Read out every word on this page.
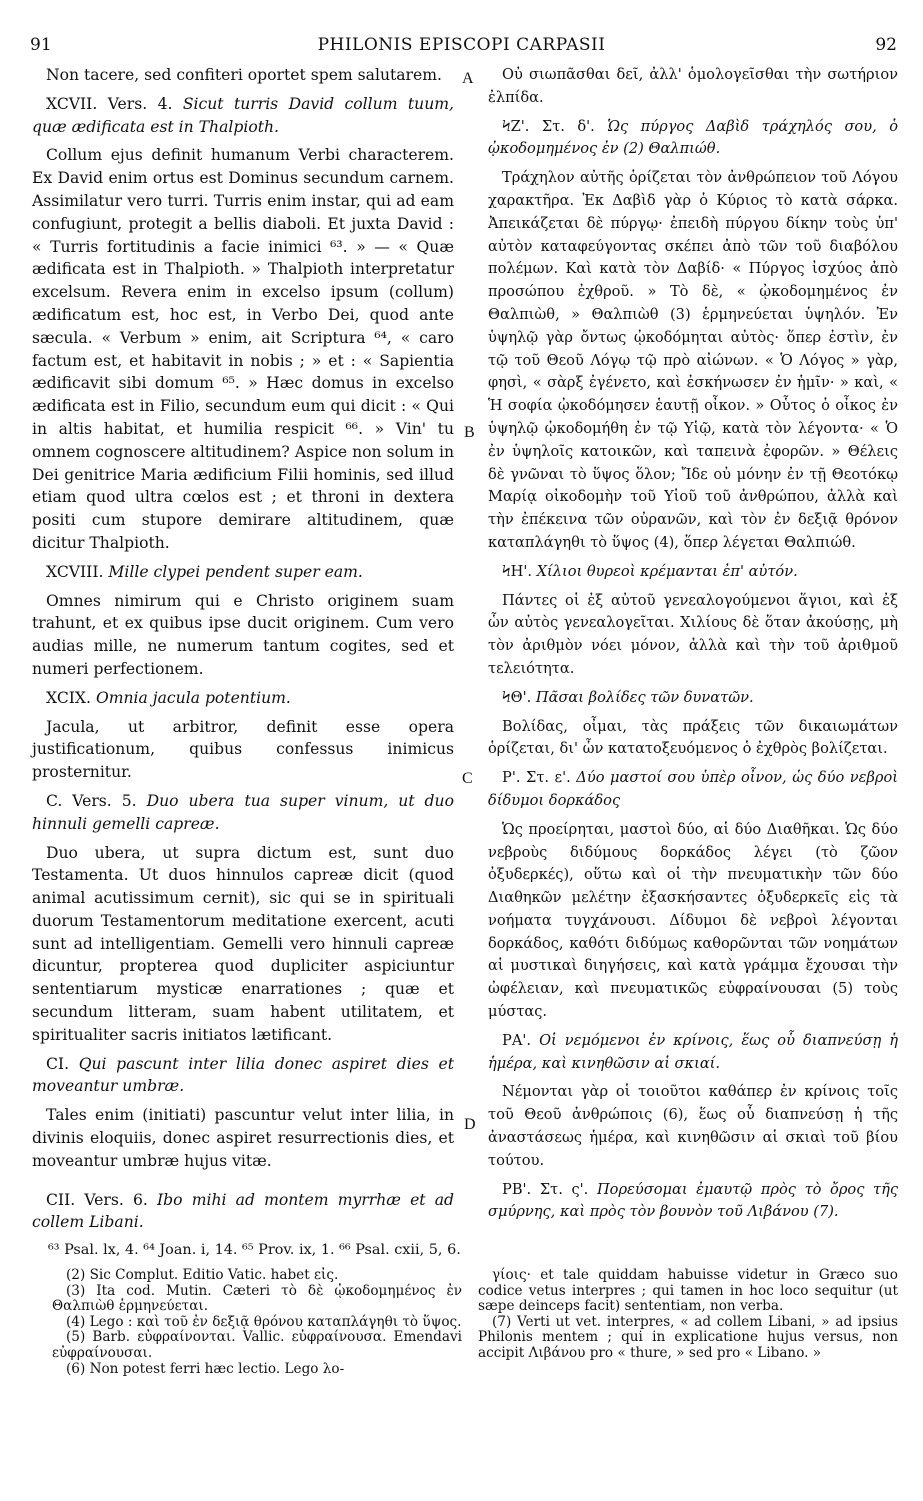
91	PHILONIS EPISCOPI CARPASII	92
A
B
C
D

Non tacere, sed confiteri oportet spem salutarem.

XCVII. Vers. 4. Sicut turris David collum tuum, quæ ædificata est in Thalpioth.

Collum ejus definit humanum Verbi characterem. Ex David enim ortus est Dominus secundum carnem. Assimilatur vero turri. Turris enim instar, qui ad eam confugiunt, protegit a bellis diaboli. Et juxta David : « Turris fortitudinis a facie inimici ⁶³. » — « Quæ ædificata est in Thalpioth. » Thalpioth interpretatur excelsum. Revera enim in excelso ipsum (collum) ædificatum est, hoc est, in Verbo Dei, quod ante sæcula. « Verbum » enim, ait Scriptura ⁶⁴, « caro factum est, et habitavit in nobis ; » et : « Sapientia ædificavit sibi domum ⁶⁵. » Hæc domus in excelso ædificata est in Filio, secundum eum qui dicit : « Qui in altis habitat, et humilia respicit ⁶⁶. » Vin' tu omnem cognoscere altitudinem? Aspice non solum in Dei genitrice Maria ædificium Filii hominis, sed illud etiam quod ultra cœlos est ; et throni in dextera positi cum stupore demirare altitudinem, quæ dicitur Thalpioth.

XCVIII. Mille clypei pendent super eam.

Omnes nimirum qui e Christo originem suam trahunt, et ex quibus ipse ducit originem. Cum vero audias mille, ne numerum tantum cogites, sed et numeri perfectionem.

XCIX. Omnia jacula potentium.

Jacula, ut arbitror, definit esse opera justificationum, quibus confessus inimicus prosternitur.

C. Vers. 5. Duo ubera tua super vinum, ut duo hinnuli gemelli capreæ.

Duo ubera, ut supra dictum est, sunt duo Testamenta. Ut duos hinnulos capreæ dicit (quod animal acutissimum cernit), sic qui se in spirituali duorum Testamentorum meditatione exercent, acuti sunt ad intelligentiam. Gemelli vero hinnuli capreæ dicuntur, propterea quod dupliciter aspiciuntur sententiarum mysticæ enarrationes ; quæ et secundum litteram, suam habent utilitatem, et spiritualiter sacris initiatos lætificant.

CI. Qui pascunt inter lilia donec aspiret dies et moveantur umbræ.

Tales enim (initiati) pascuntur velut inter lilia, in divinis eloquiis, donec aspiret resurrectionis dies, et moveantur umbræ hujus vitæ.

CII. Vers. 6. Ibo mihi ad montem myrrhæ et ad collem Libani.

Οὐ σιωπᾶσθαι δεῖ, ἀλλ' ὁμολογεῖσθαι τὴν σωτήριον ἐλπίδα.

ϞΖ'. Στ. δ'. Ὡς πύργος Δαβὶδ τράχηλός σου, ὁ ᾠκοδομημένος ἐν (2) Θαλπιώθ.

Τράχηλον αὐτῆς ὁρίζεται τὸν ἀνθρώπειον τοῦ Λόγου χαρακτῆρα. Ἐκ Δαβὶδ γὰρ ὁ Κύριος τὸ κατὰ σάρκα. Ἀπεικάζεται δὲ πύργῳ· ἐπειδὴ πύργου δίκην τοὺς ὑπ' αὐτὸν καταφεύγοντας σκέπει ἀπὸ τῶν τοῦ διαβόλου πολέμων. Καὶ κατὰ τὸν Δαβίδ· « Πύργος ἰσχύος ἀπὸ προσώπου ἐχθροῦ. » Τὸ δὲ, « ᾠκοδομημένος ἐν Θαλπιὼθ, » Θαλπιὼθ (3) ἑρμηνεύεται ὑψηλόν. Ἐν ὑψηλῷ γὰρ ὄντως ᾠκοδόμηται αὐτὸς· ὅπερ ἐστὶν, ἐν τῷ τοῦ Θεοῦ Λόγῳ τῷ πρὸ αἰώνων. « Ὁ Λόγος » γὰρ, φησὶ, « σὰρξ ἐγένετο, καὶ ἐσκήνωσεν ἐν ἡμῖν· » καὶ, « Ἡ σοφία ᾠκοδόμησεν ἑαυτῇ οἶκον. » Οὗτος ὁ οἶκος ἐν ὑψηλῷ ᾠκοδομήθη ἐν τῷ Υἱῷ, κατὰ τὸν λέγοντα· « Ὁ ἐν ὑψηλοῖς κατοικῶν, καὶ ταπεινὰ ἐφορῶν. » Θέλεις δὲ γνῶναι τὸ ὕψος ὅλον; Ἴδε οὐ μόνην ἐν τῇ Θεοτόκῳ Μαρίᾳ οἰκοδομὴν τοῦ Υἱοῦ τοῦ ἀνθρώπου, ἀλλὰ καὶ τὴν ἐπέκεινα τῶν οὐρανῶν, καὶ τὸν ἐν δεξιᾷ θρόνον καταπλάγηθι τὸ ὕψος (4), ὅπερ λέγεται Θαλπιώθ.

ϞΗ'. Χίλιοι θυρεοὶ κρέμανται ἐπ' αὐτόν.

Πάντες οἱ ἐξ αὐτοῦ γενεαλογούμενοι ἅγιοι, καὶ ἐξ ὧν αὐτὸς γενεαλογεῖται. Χιλίους δὲ ὅταν ἀκούσῃς, μὴ τὸν ἀριθμὸν νόει μόνον, ἀλλὰ καὶ τὴν τοῦ ἀριθμοῦ τελειότητα.

ϞΘ'. Πᾶσαι βολίδες τῶν δυνατῶν.

Βολίδας, οἶμαι, τὰς πράξεις τῶν δικαιωμάτων ὁρίζεται, δι' ὧν κατατοξευόμενος ὁ ἐχθρὸς βολίζεται.

Ρ'. Στ. ε'. Δύο μαστοί σου ὑπὲρ οἶνον, ὡς δύο νεβροὶ δίδυμοι δορκάδος

Ὡς προείρηται, μαστοὶ δύο, αἱ δύο Διαθῆκαι. Ὡς δύο νεβροὺς διδύμους δορκάδος λέγει (τὸ ζῶον ὀξυδερκές), οὕτω καὶ οἱ τὴν πνευματικὴν τῶν δύο Διαθηκῶν μελέτην ἐξασκήσαντες ὀξυδερκεῖς εἰς τὰ νοήματα τυγχάνουσι. Δίδυμοι δὲ νεβροὶ λέγονται δορκάδος, καθότι διδύμως καθορῶνται τῶν νοημάτων αἱ μυστικαὶ διηγήσεις, καὶ κατὰ γράμμα ἔχουσαι τὴν ὠφέλειαν, καὶ πνευματικῶς εὐφραίνουσαι (5) τοὺς μύστας.

ΡΑ'. Οἱ νεμόμενοι ἐν κρίνοις, ἕως οὗ διαπνεύσῃ ἡ ἡμέρα, καὶ κινηθῶσιν αἱ σκιαί.

Νέμονται γὰρ οἱ τοιοῦτοι καθάπερ ἐν κρίνοις τοῖς τοῦ Θεοῦ ἀνθρώποις (6), ἕως οὗ διαπνεύσῃ ἡ τῆς ἀναστάσεως ἡμέρα, καὶ κινηθῶσιν αἱ σκιαὶ τοῦ βίου τούτου.

ΡΒ'. Στ. ς'. Πορεύσομαι ἐμαυτῷ πρὸς τὸ ὄρος τῆς σμύρνης, καὶ πρὸς τὸν βουνὸν τοῦ Λιβάνου (7).

⁶³ Psal. lx, 4. ⁶⁴ Joan. i, 14. ⁶⁵ Prov. ix, 1. ⁶⁶ Psal. cxii, 5, 6.

(2) Sic Complut. Editio Vatic. habet εἰς.

(3) Ita cod. Mutin. Cæteri τὸ δὲ ᾠκοδομημένος ἐν Θαλπιὼθ ἑρμηνεύεται.

(4) Lego : καὶ τοῦ ἐν δεξιᾷ θρόνου καταπλάγηθι τὸ ὕψος.

(5) Barb. εὐφραίνονται. Vallic. εὐφραίνουσα. Emendavi εὐφραίνουσαι.

(6) Non potest ferri hæc lectio. Lego λο-

γίοις· et tale quiddam habuisse videtur in Græco suo codice vetus interpres ; qui tamen in hoc loco sequitur (ut sæpe deinceps facit) sententiam, non verba.

(7) Verti ut vet. interpres, « ad collem Libani, » ad ipsius Philonis mentem ; qui in explicatione hujus versus, non accipit Λιβάνου pro « thure, » sed pro « Libano. »
